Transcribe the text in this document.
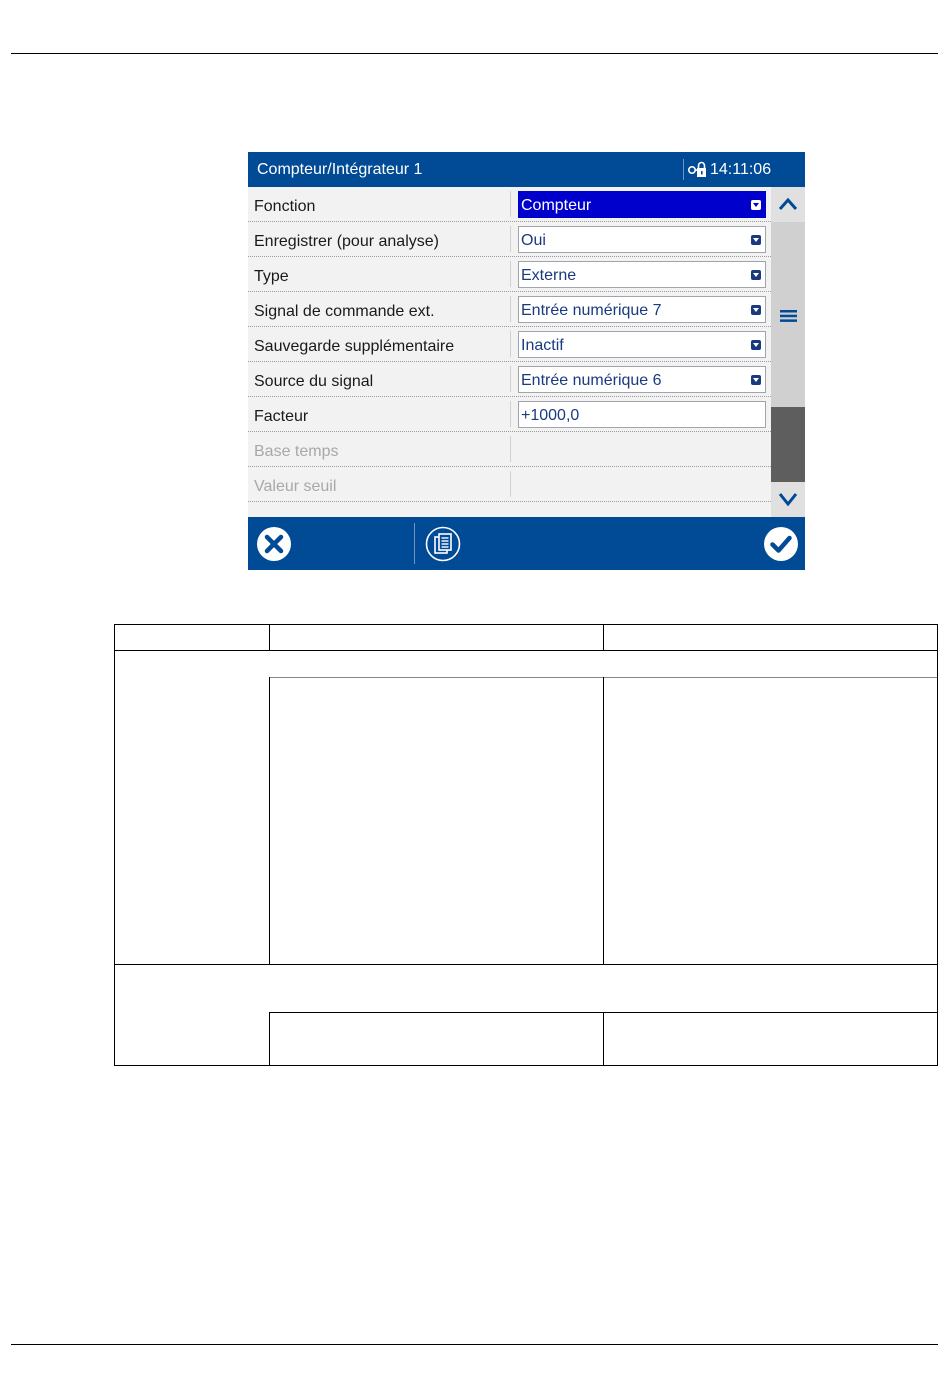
Compteur/Intégrateur 1	14:11:06
Fonction	Compteur
Enregistrer (pour analyse)	Oui
Type	Externe
Signal de commande ext.	Entrée numérique 7
Sauvegarde supplémentaire	Inactif
Source du signal	Entrée numérique 6
Facteur	+1000,0
Base temps
Valeur seuil
